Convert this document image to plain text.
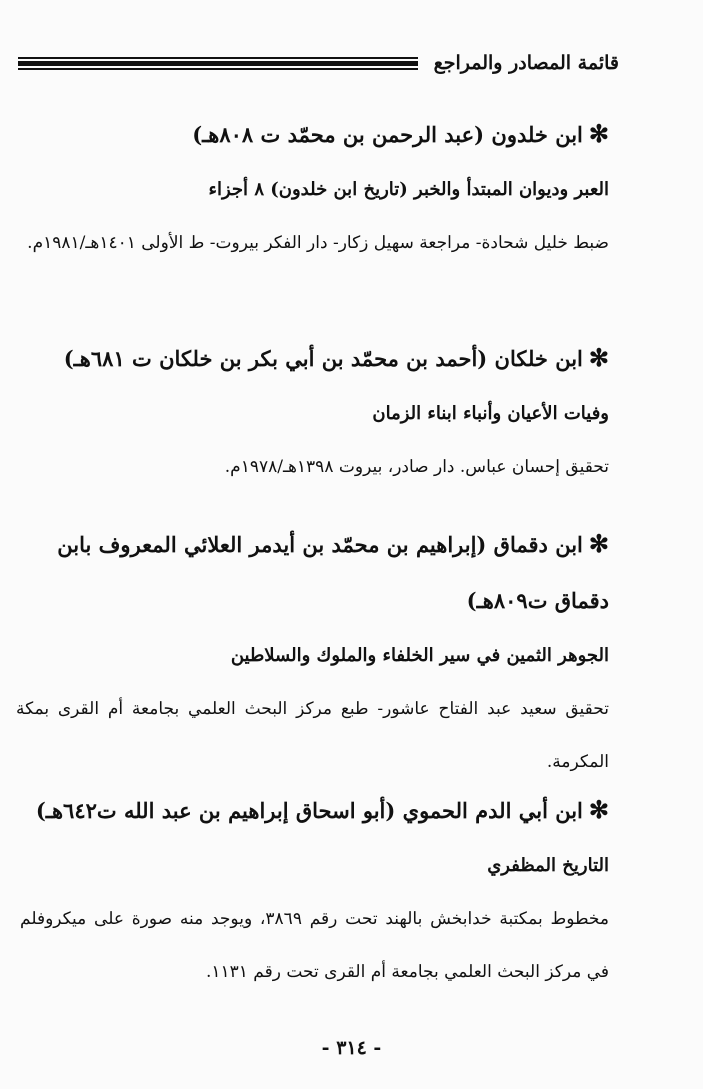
قائمة المصادر والمراجع

✻ابن خلدون (عبد الرحمن بن محمّد ت ٨٠٨هـ)

العبر وديوان المبتدأ والخبر (تاريخ ابن خلدون) ٨ أجزاء

ضبط خليل شحادة- مراجعة سهيل زكار- دار الفكر بيروت- ط الأولى ١٤٠١هـ/١٩٨١م.

✻ابن خلكان (أحمد بن محمّد بن أبي بكر بن خلكان ت ٦٨١هـ)

وفيات الأعيان وأنباء ابناء الزمان

تحقيق إحسان عباس. دار صادر، بيروت ١٣٩٨هـ/١٩٧٨م.

✻ابن دقماق (إبراهيم بن محمّد بن أيدمر العلائي المعروف بابن دقماق ت٨٠٩هـ)

الجوهر الثمين في سير الخلفاء والملوك والسلاطين

تحقيق سعيد عبد الفتاح عاشور- طبع مركز البحث العلمي بجامعة أم القرى بمكة المكرمة.

✻ابن أبي الدم الحموي (أبو اسحاق إبراهيم بن عبد الله ت٦٤٢هـ)

التاريخ المظفري

مخطوط بمكتبة خدابخش بالهند تحت رقم ٣٨٦٩، ويوجد منه صورة على ميكروفلم في مركز البحث العلمي بجامعة أم القرى تحت رقم ١١٣١.

- ٣١٤ -
